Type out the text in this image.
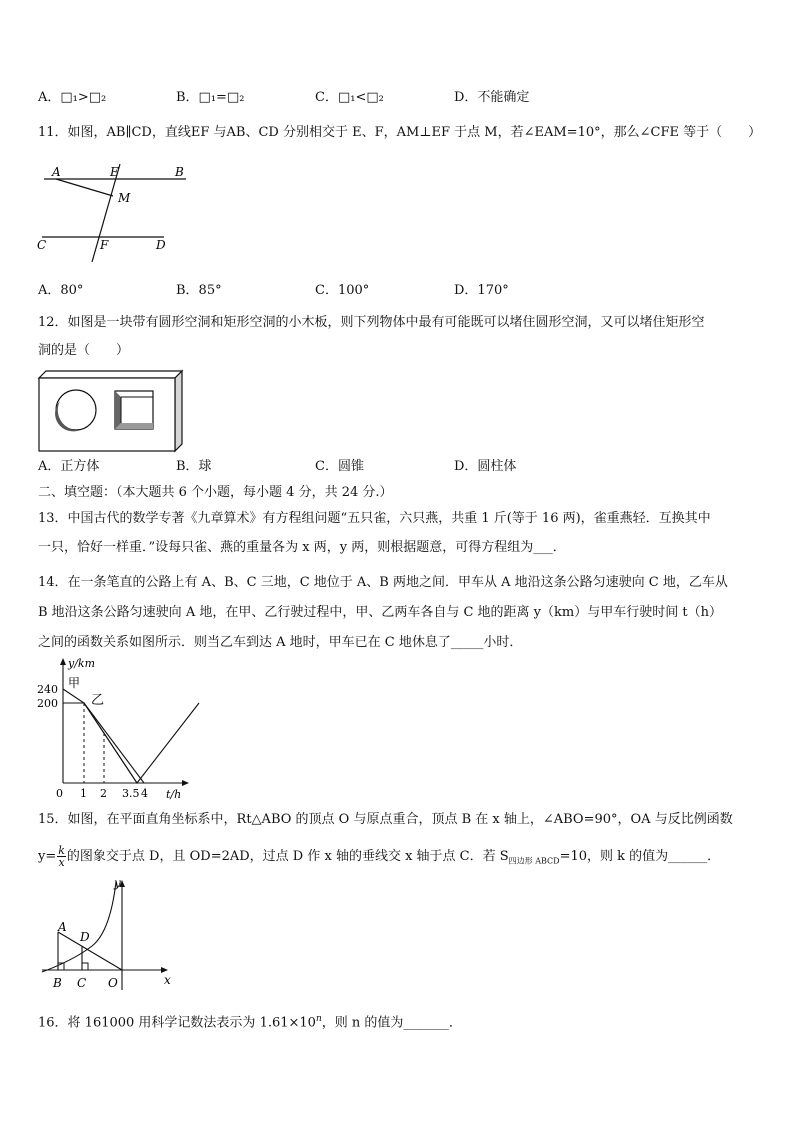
A．□₁>□₂	B．□₁=□₂	C．□₁<□₂	D．不能确定
11．如图，AB∥CD，直线EF 与AB、CD 分别相交于 E、F，AM⊥EF 于点 M，若∠EAM=10°，那么∠CFE 等于（　　）
A	E	B
M
C	F	D
A．80°	B．85°	C．100°	D．170°
12．如图是一块带有圆形空洞和矩形空洞的小木板，则下列物体中最有可能既可以堵住圆形空洞，又可以堵住矩形空
洞的是（　　）
A．正方体	B．球	C．圆锥	D．圆柱体
二、填空题：（本大题共 6 个小题，每小题 4 分，共 24 分.）
13．中国古代的数学专著《九章算术》有方程组问题“五只雀，六只燕，共重 1 斤(等于 16 两)，雀重燕轻．互换其中
一只，恰好一样重．”设每只雀、燕的重量各为 x 两，y 两，则根据题意，可得方程组为___．
14．在一条笔直的公路上有 A、B、C 三地，C 地位于 A、B 两地之间．甲车从 A 地沿这条公路匀速驶向 C 地，乙车从
B 地沿这条公路匀速驶向 A 地，在甲、乙行驶过程中，甲、乙两车各自与 C 地的距离 y（km）与甲车行驶时间 t（h）
之间的函数关系如图所示．则当乙车到达 A 地时，甲车已在 C 地休息了_____小时．
y/km
t/h
甲
乙
240
200
0 1 2 3.5 4
15．如图，在平面直角坐标系中，Rt△ABO 的顶点 O 与原点重合，顶点 B 在 x 轴上，∠ABO=90°，OA 与反比例函数
$y= \frac{k}{x}$ 的图象交于点 D，且 OD=2AD，过点 D 作 x 轴的垂线交 x 轴于点 C．若 $S_{四边形 ABCD}=10$，则 k 的值为______．
y
x
A
D
B C O
16．将 161000 用科学记数法表示为 $1.61\times 10^n$，则 n 的值为_______．
